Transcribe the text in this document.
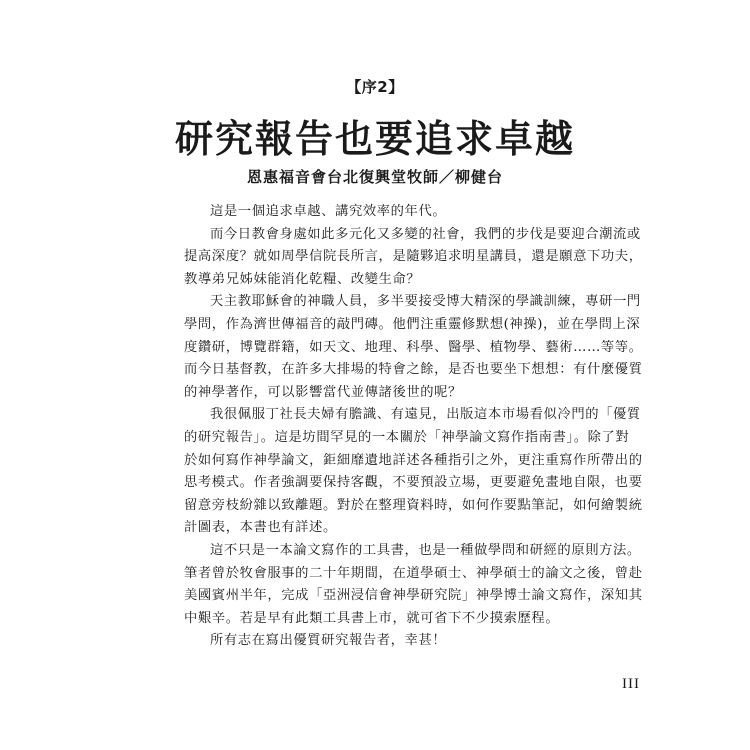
【序2】
研究報告也要追求卓越
恩惠福音會台北復興堂牧師／柳健台
這是一個追求卓越、講究效率的年代。
而今日教會身處如此多元化又多變的社會，我們的步伐是要迎合潮流或
提高深度？就如周學信院長所言，是隨夥追求明星講員，還是願意下功夫，
教導弟兄姊妹能消化乾糧、改變生命？
天主教耶穌會的神職人員，多半要接受博大精深的學識訓練，專研一門
學問，作為濟世傳福音的敲門磚。他們注重靈修默想(神操)，並在學問上深
度鑽研，博覽群籍，如天文、地理、科學、醫學、植物學、藝術……等等。
而今日基督教，在許多大排場的特會之餘，是否也要坐下想想：有什麼優質
的神學著作，可以影響當代並傳諸後世的呢？
我很佩服丁社長夫婦有膽識、有遠見，出版這本市場看似冷門的「優質
的研究報告」。這是坊間罕見的一本關於「神學論文寫作指南書」。除了對
於如何寫作神學論文，鉅細靡遺地詳述各種指引之外，更注重寫作所帶出的
思考模式。作者強調要保持客觀，不要預設立場，更要避免畫地自限，也要
留意旁枝紛雜以致離題。對於在整理資料時，如何作要點筆記，如何繪製統
計圖表，本書也有詳述。
這不只是一本論文寫作的工具書，也是一種做學問和研經的原則方法。
筆者曾於牧會服事的二十年期間，在道學碩士、神學碩士的論文之後，曾赴
美國賓州半年，完成「亞洲浸信會神學研究院」神學博士論文寫作，深知其
中艱辛。若是早有此類工具書上市，就可省下不少摸索歷程。
所有志在寫出優質研究報告者，幸甚！
III
